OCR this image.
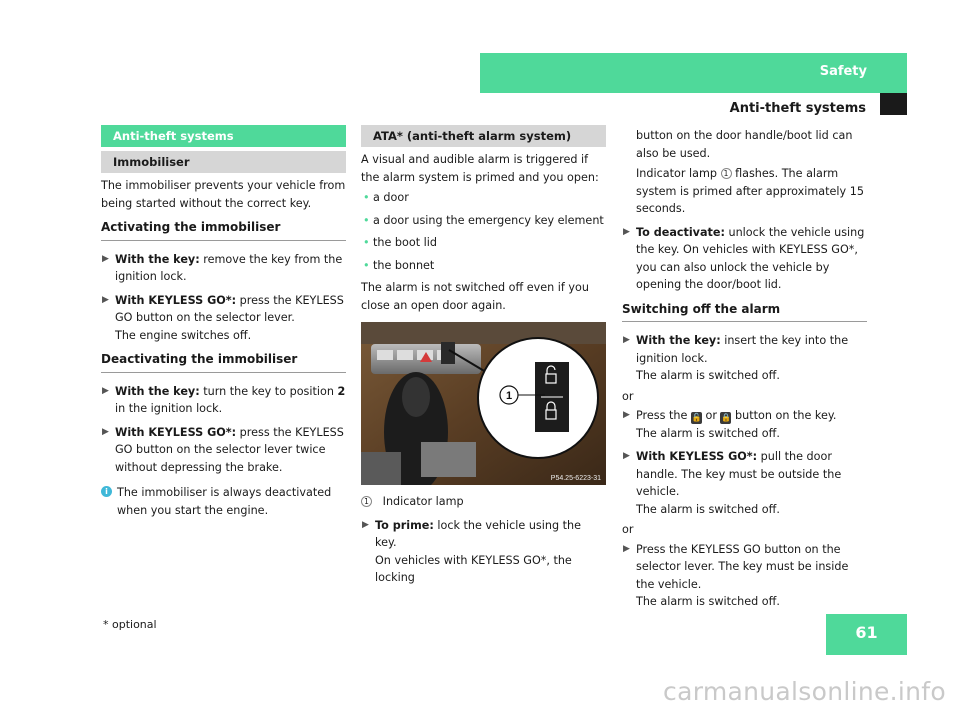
Safety
Anti-theft systems
Anti-theft systems
Immobiliser
The immobiliser prevents your vehicle from being started without the correct key.
Activating the immobiliser
▶ With the key: remove the key from the ignition lock.
▶ With KEYLESS GO*: press the KEYLESS GO button on the selector lever.
The engine switches off.
Deactivating the immobiliser
▶ With the key: turn the key to position 2 in the ignition lock.
▶ With KEYLESS GO*: press the KEYLESS GO button on the selector lever twice without depressing the brake.
i The immobiliser is always deactivated when you start the engine.
ATA* (anti-theft alarm system)
A visual and audible alarm is triggered if the alarm system is primed and you open:
• a door
• a door using the emergency key element
• the boot lid
• the bonnet
The alarm is not switched off even if you close an open door again.
1
P54.25-6223-31
1 Indicator lamp
▶ To prime: lock the vehicle using the key.
On vehicles with KEYLESS GO*, the locking
button on the door handle/boot lid can also be used.
Indicator lamp 1 flashes. The alarm system is primed after approximately 15 seconds.
▶ To deactivate: unlock the vehicle using the key. On vehicles with KEYLESS GO*, you can also unlock the vehicle by opening the door/boot lid.
Switching off the alarm
▶ With the key: insert the key into the ignition lock.
The alarm is switched off.
or
▶ Press the 🔓 or 🔒 button on the key.
The alarm is switched off.
▶ With KEYLESS GO*: pull the door handle. The key must be outside the vehicle.
The alarm is switched off.
or
▶ Press the KEYLESS GO button on the selector lever. The key must be inside the vehicle.
The alarm is switched off.
61
* optional
carmanualsonline.info
